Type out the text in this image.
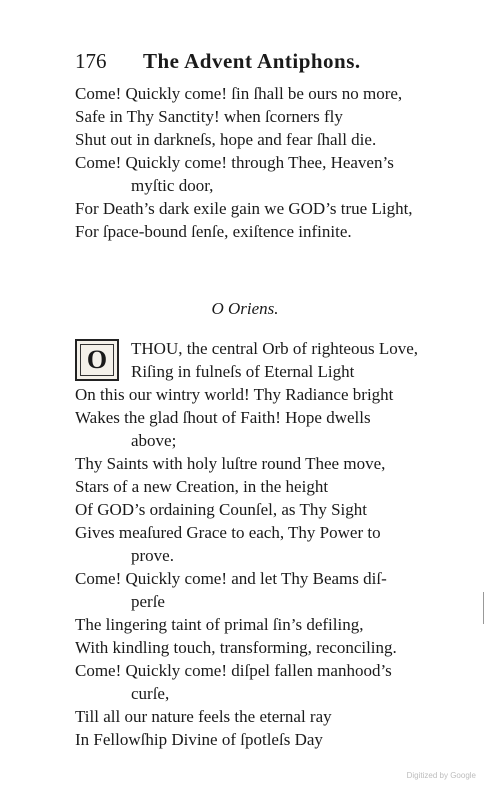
176 The Advent Antiphons.
Come! Quickly come! ſin ſhall be ours no more,
Safe in Thy Sanctity! when ſcorners fly
Shut out in darkneſs, hope and fear ſhall die.
Come! Quickly come! through Thee, Heaven’s
myſtic door,
For Death’s dark exile gain we GOD’s true Light,
For ſpace-bound ſenſe, exiſtence infinite.
O Oriens.
O	THOU, the central Orb of righteous Love,
Riſing in fulneſs of Eternal Light
On this our wintry world! Thy Radiance bright
Wakes the glad ſhout of Faith! Hope dwells
above;
Thy Saints with holy luſtre round Thee move,
Stars of a new Creation, in the height
Of GOD’s ordaining Counſel, as Thy Sight
Gives meaſured Grace to each, Thy Power to
prove.
Come! Quickly come! and let Thy Beams diſ-
perſe
The lingering taint of primal ſin’s defiling,
With kindling touch, transforming, reconciling.
Come! Quickly come! diſpel fallen manhood’s
curſe,
Till all our nature feels the eternal ray
In Fellowſhip Divine of ſpotleſs Day
Digitized by Google
